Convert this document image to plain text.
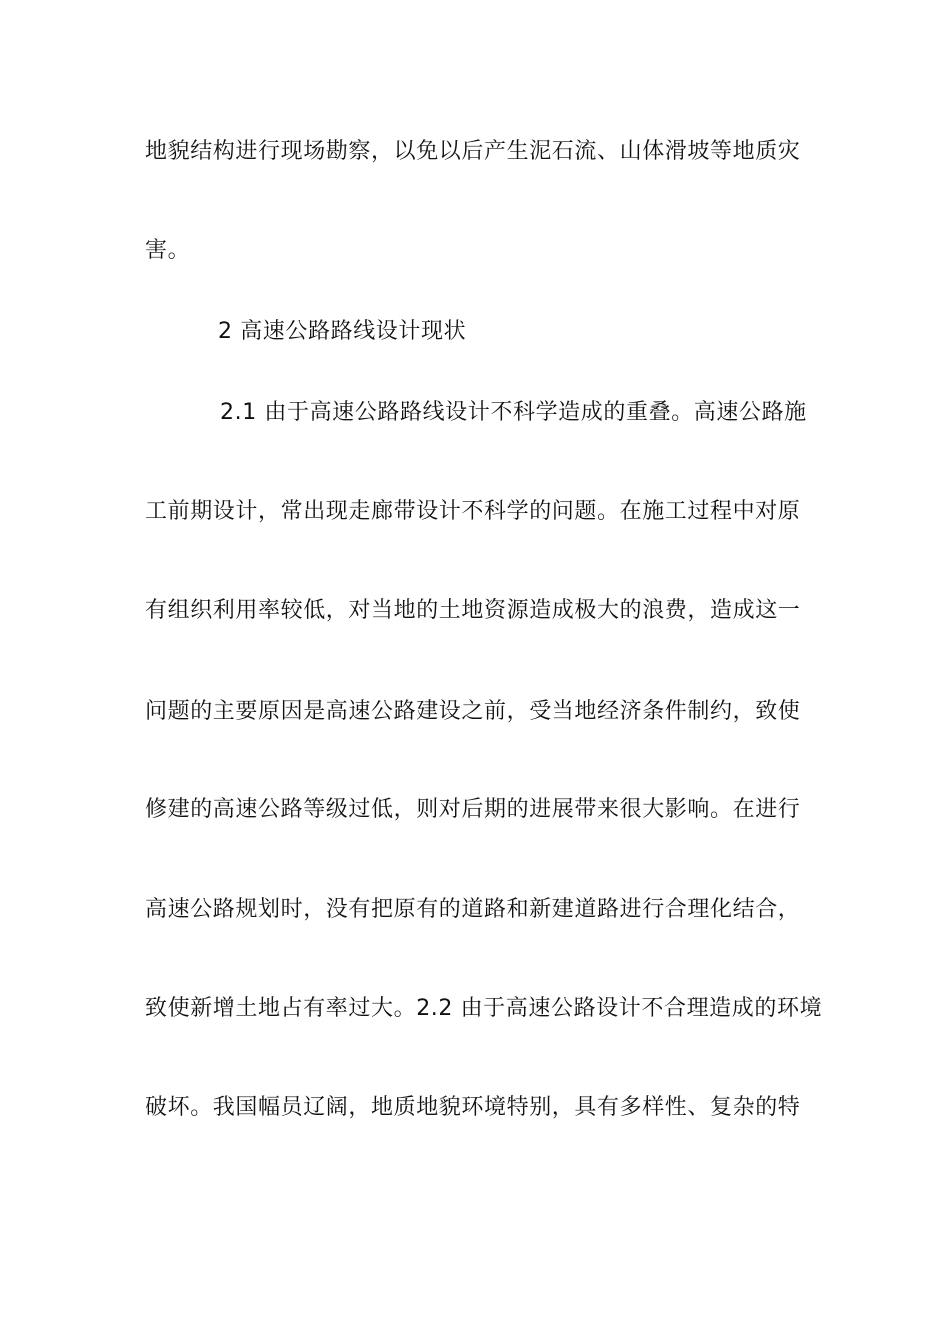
地貌结构进行现场勘察，以免以后产生泥石流、山体滑坡等地质灾
害。
2 高速公路路线设计现状
2.1 由于高速公路路线设计不科学造成的重叠。高速公路施
工前期设计，常出现走廊带设计不科学的问题。在施工过程中对原
有组织利用率较低，对当地的土地资源造成极大的浪费，造成这一
问题的主要原因是高速公路建设之前，受当地经济条件制约，致使
修建的高速公路等级过低，则对后期的进展带来很大影响。在进行
高速公路规划时，没有把原有的道路和新建道路进行合理化结合，
致使新增土地占有率过大。2.2 由于高速公路设计不合理造成的环境
破坏。我国幅员辽阔，地质地貌环境特别，具有多样性、复杂的特
